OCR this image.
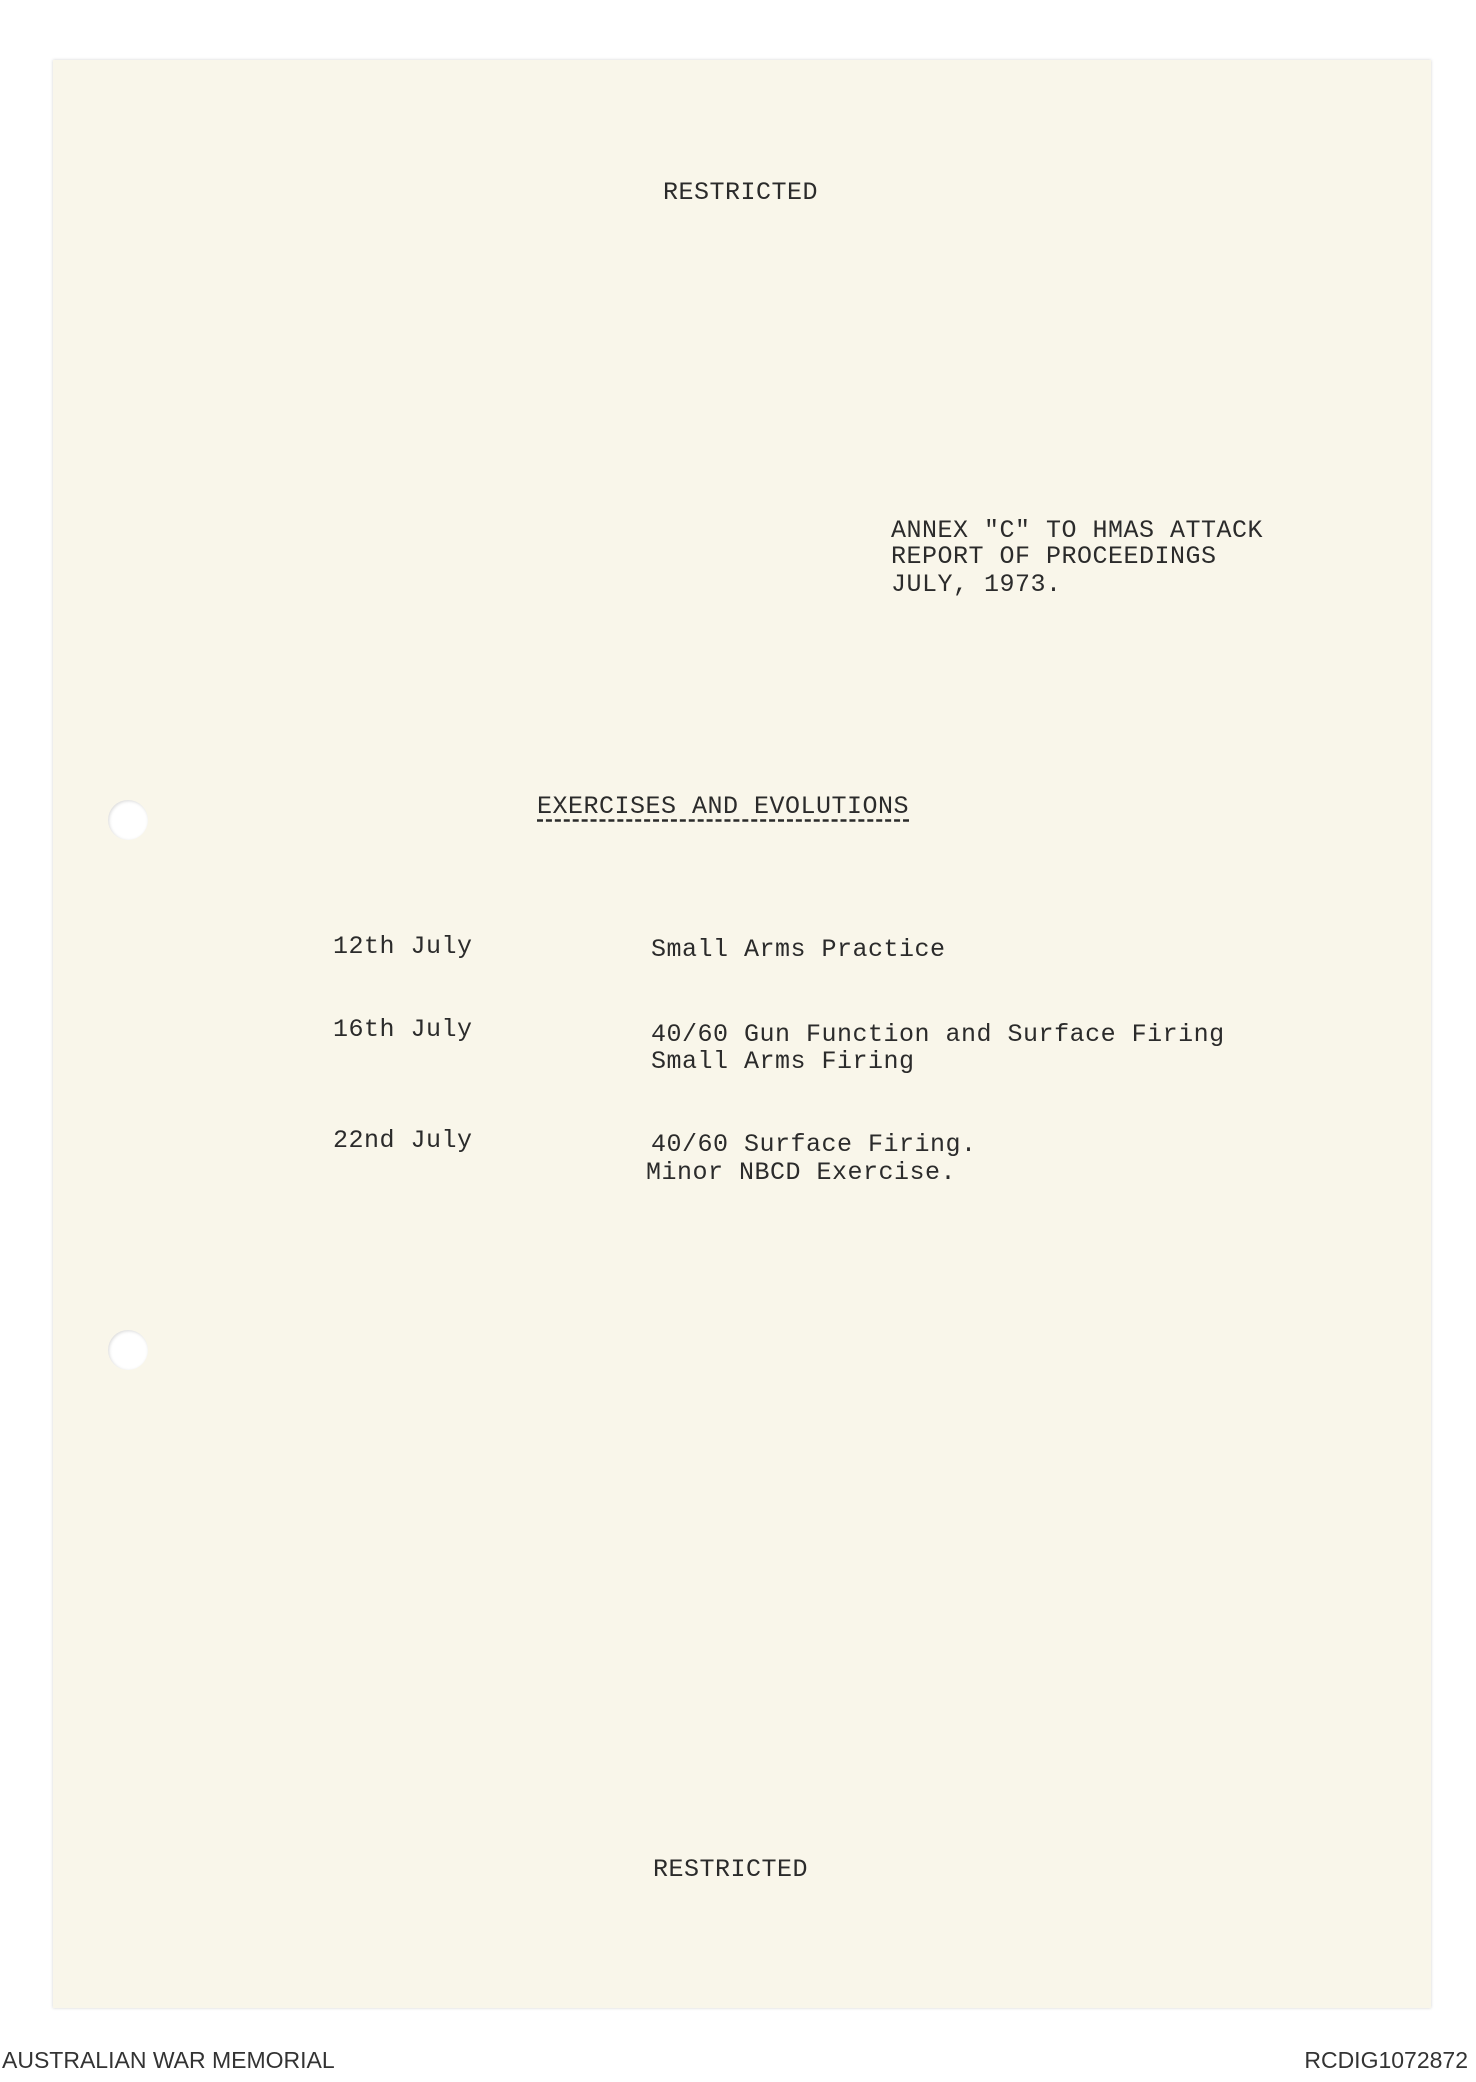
RESTRICTED
ANNEX "C" TO HMAS ATTACK
REPORT OF PROCEEDINGS
JULY, 1973.
EXERCISES AND EVOLUTIONS
12th July	Small Arms Practice
16th July	40/60 Gun Function and Surface Firing
Small Arms Firing
22nd July	40/60 Surface Firing.
Minor NBCD Exercise.
RESTRICTED
AUSTRALIAN WAR MEMORIAL	RCDIG1072872
